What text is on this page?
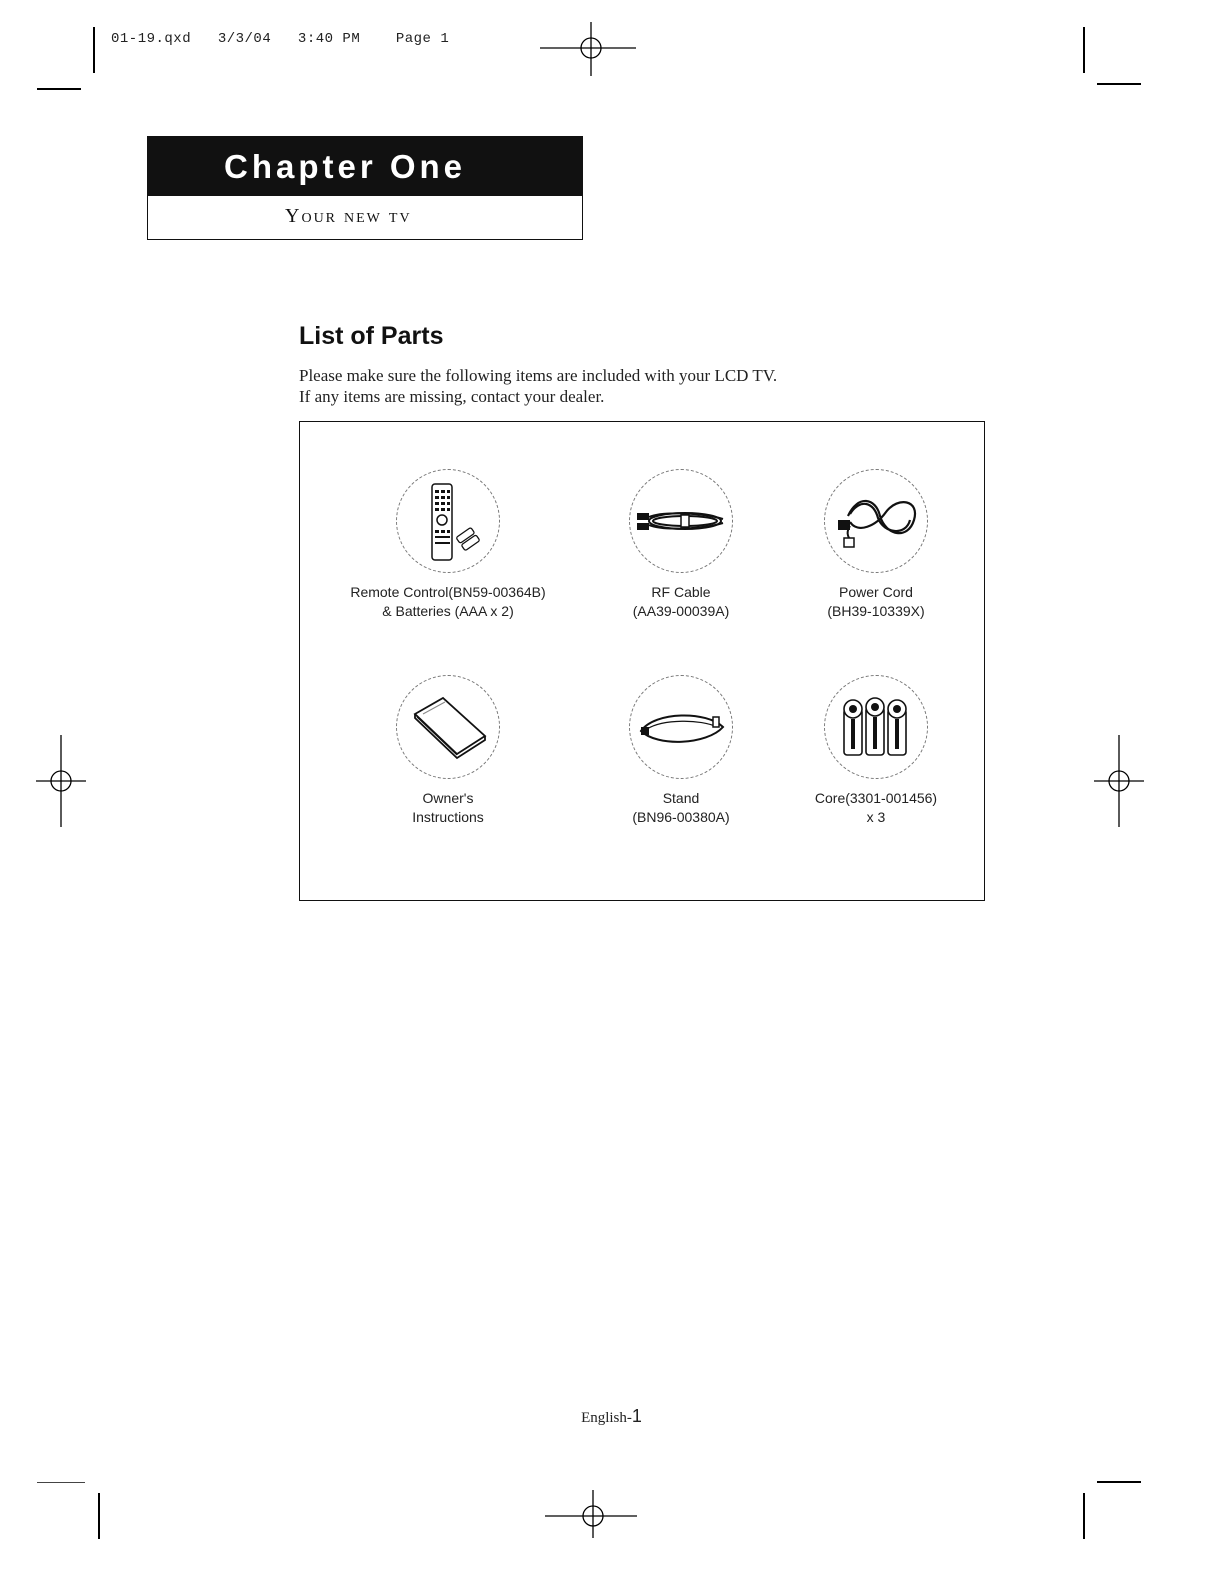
01-19.qxd   3/3/04   3:40 PM    Page 1
Chapter One
Your new tv
List of Parts
Please make sure the following items are included with your LCD TV.
If any items are missing, contact your dealer.
Remote Control(BN59-00364B)
& Batteries (AAA x 2)
RF Cable
(AA39-00039A)
Power Cord
(BH39-10339X)
Owner's
Instructions
Stand
(BN96-00380A)
Core(3301-001456)
x 3
English-1
